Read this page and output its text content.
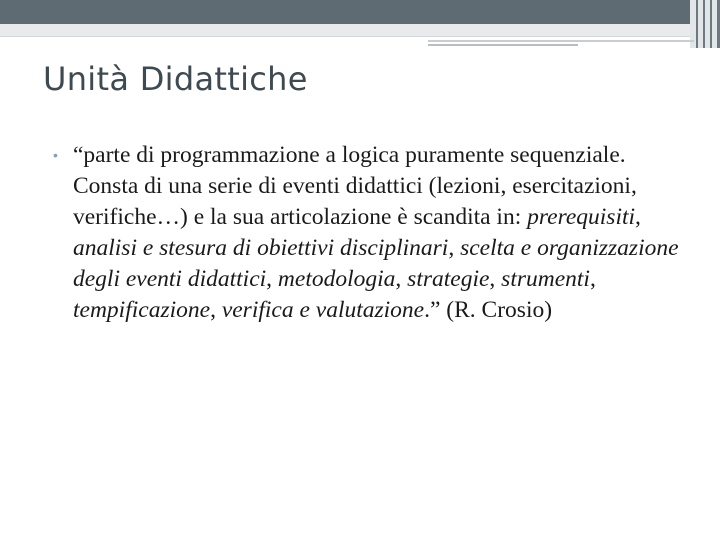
Unità Didattiche
• “parte di programmazione a logica puramente sequenziale. Consta di una serie di eventi didattici (lezioni, esercitazioni, verifiche…) e la sua articolazione è scandita in: prerequisiti, analisi e stesura di obiettivi disciplinari, scelta e organizzazione degli eventi didattici, metodologia, strategie, strumenti, tempificazione, verifica e valutazione.” (R. Crosio)
